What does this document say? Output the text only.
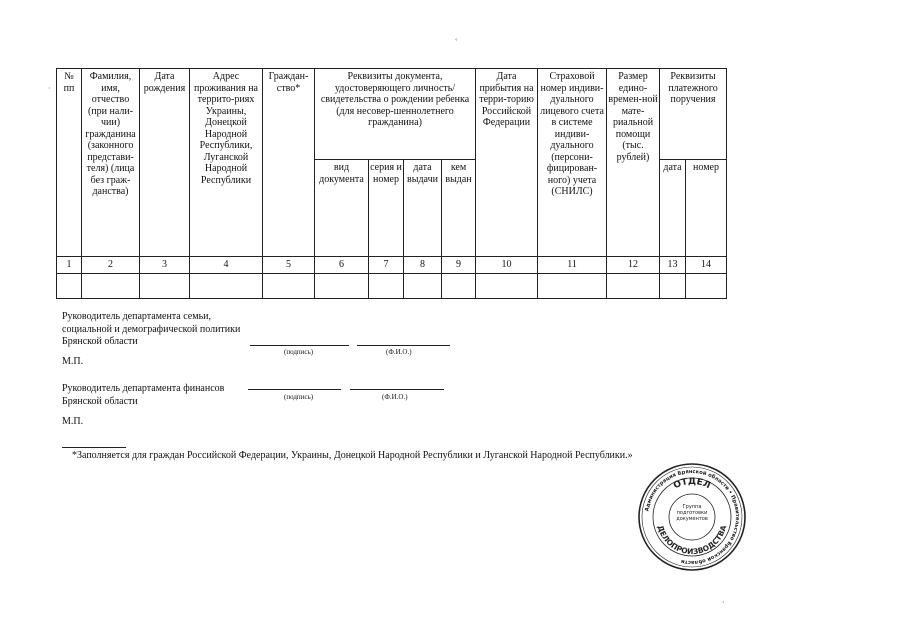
˚
·
№ пп	Фамилия, имя, отчество (при нали-чии) гражданина (законного представи-теля) (лица без граж-данства)	Дата рождения	Адрес проживания на террито-риях Украины, Донецкой Народной Республики, Луганской Народной Республики	Граждан-ство*	Реквизиты документа, удостоверяющего личность/свидетельства о рождении ребенка (для несовер-шеннолетнего гражданина)				Дата прибытия на терри-торию Российской Федерации	Страховой номер индиви-дуального лицевого счета в системе индиви-дуального (персони-фицирован-ного) учета (СНИЛС)	Размер едино-времен-ной мате-риальной помощи (тыс. рублей)	Реквизиты платежного поручения	
					вид документа	серия и номер	дата выдачи	кем выдан				дата	номер
1	2	3	4	5	6	7	8	9	10	11	12	13	14

Руководитель департамента семьи, социальной и демографической политики Брянской области
(подпись)	(Ф.И.О.)
М.П.
Руководитель департамента финансов Брянской области	(подпись)	(Ф.И.О.)
М.П.
*Заполняется для граждан Российской Федерации, Украины, Донецкой Народной Республики и Луганской Народной Республики.»
Администрация Брянской области • Правительство Брянской области
ОТДЕЛ
ДЕЛОПРОИЗВОДСТВА
Группа подготовки документов
·
